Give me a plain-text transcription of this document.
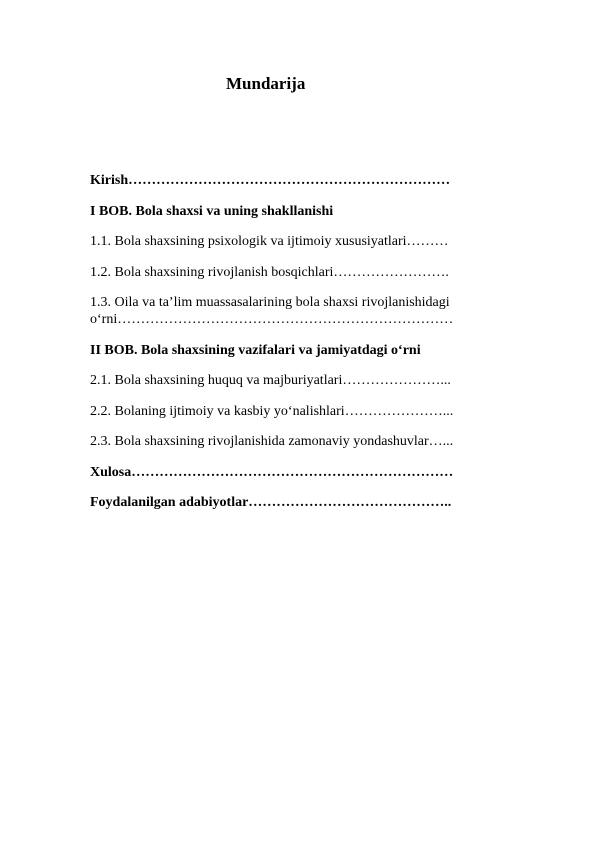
Mundarija
Kirish……………………………………………………………
I BOB. Bola shaxsi va uning shakllanishi
1.1. Bola shaxsining psixologik va ijtimoiy xususiyatlari………
1.2. Bola shaxsining rivojlanish bosqichlari…………………….
1.3. Oila va ta’lim muassasalarining bola shaxsi rivojlanishidagi o‘rni………………………………………………………………
II BOB. Bola shaxsining vazifalari va jamiyatdagi o‘rni
2.1. Bola shaxsining huquq va majburiyatlari…………………...
2.2. Bolaning ijtimoiy va kasbiy yo‘nalishlari…………………...
2.3. Bola shaxsining rivojlanishida zamonaviy yondashuvlar…...
Xulosa……………………………………………………………
Foydalanilgan adabiyotlar……………………………………..
